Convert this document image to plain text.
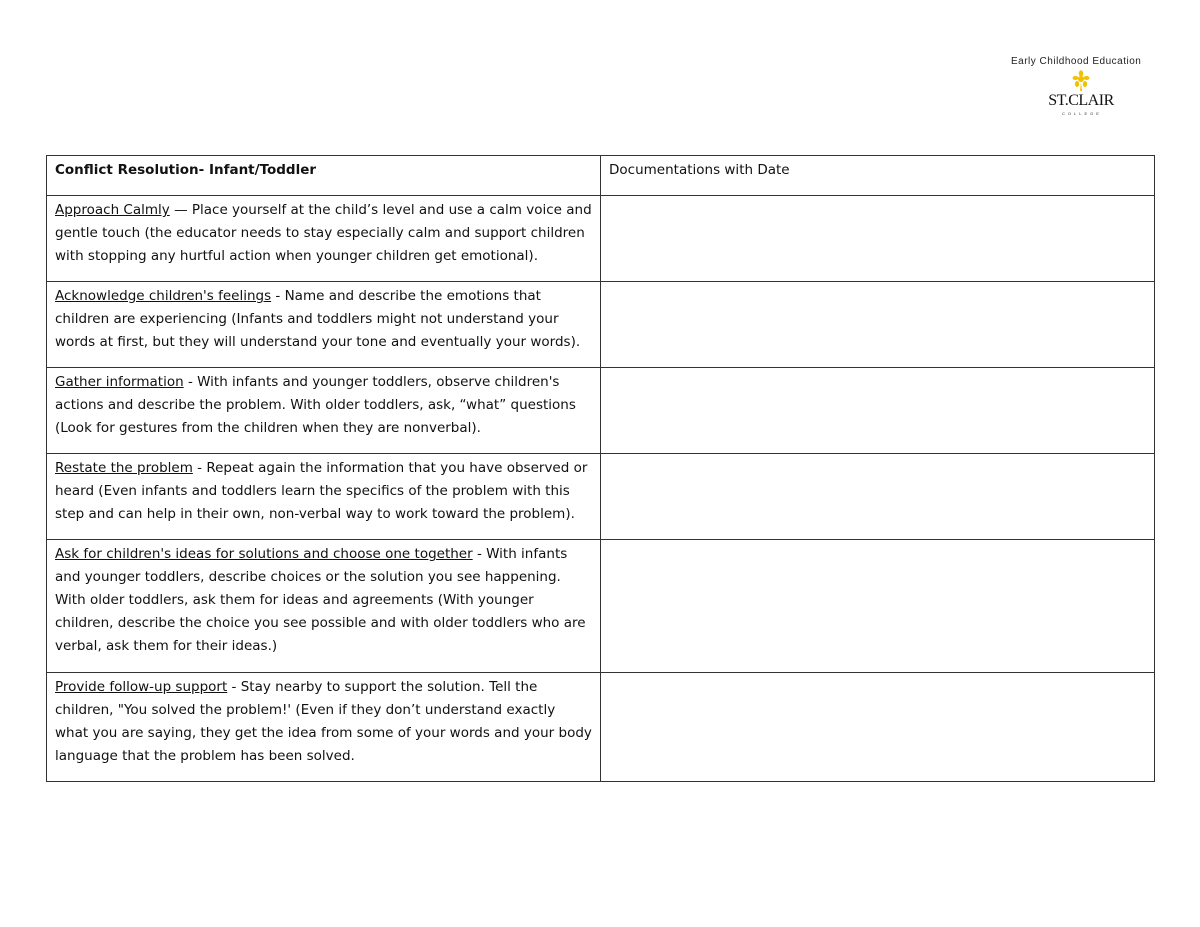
Early Childhood Education
ST.CLAIR
COLLEGE
Conflict Resolution- Infant/Toddler	Documentations with Date
Approach Calmly — Place yourself at the child’s level and use a calm voice and gentle touch (the educator needs to stay especially calm and support children with stopping any hurtful action when younger children get emotional).	
Acknowledge children's feelings - Name and describe the emotions that children are experiencing (Infants and toddlers might not understand your words at first, but they will understand your tone and eventually your words).	
Gather information - With infants and younger toddlers, observe children's actions and describe the problem. With older toddlers, ask, “what” questions (Look for gestures from the children when they are nonverbal).	
Restate the problem - Repeat again the information that you have observed or heard (Even infants and toddlers learn the specifics of the problem with this step and can help in their own, non-verbal way to work toward the problem).	
Ask for children's ideas for solutions and choose one together - With infants and younger toddlers, describe choices or the solution you see happening. With older toddlers, ask them for ideas and agreements (With younger children, describe the choice you see possible and with older toddlers who are verbal, ask them for their ideas.)	
Provide follow-up support - Stay nearby to support the solution. Tell the children, "You solved the problem!' (Even if they don’t understand exactly what you are saying, they get the idea from some of your words and your body language that the problem has been solved.	
